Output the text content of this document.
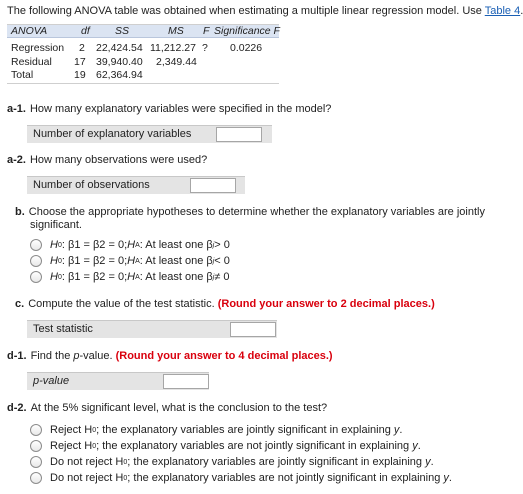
The following ANOVA table was obtained when estimating a multiple linear regression model. Use Table 4.
ANOVA	df SS	MS F Significance F
Regression 2 22,424.54 11,212.27 ? 0.0226
Residual 17 39,940.40 2,349.44
Total	19 62,364.94
a-1. How many explanatory variables were specified in the model?
Number of explanatory variables
a-2. How many observations were used?
Number of observations
b. Choose the appropriate hypotheses to determine whether the explanatory variables are jointly
significant.
H 0 : β 1 = β2 = 0; H A : At least one β j > 0
H 0 : β 1 = β2 = 0; H A : At least one β j < 0
H 0 : β 1 = β2 = 0; H A : At least one β j ≠ 0
c. Compute the value of the test statistic. (Round your answer to 2 decimal places.)
Test statistic
d-1. Find the p-value. (Round your answer to 4 decimal places.)
p-value
d-2. At the 5% significant level, what is the conclusion to the test?
Reject H 0 ; the explanatory variables are jointly significant in explaining
y .
Reject H 0 ; the explanatory variables are not jointly significant in explaining
y .
Do not reject H 0 ; the explanatory variables are jointly significant in explaining
y .
Do not reject H 0 ; the explanatory variables are not jointly significant in explaining
y .
